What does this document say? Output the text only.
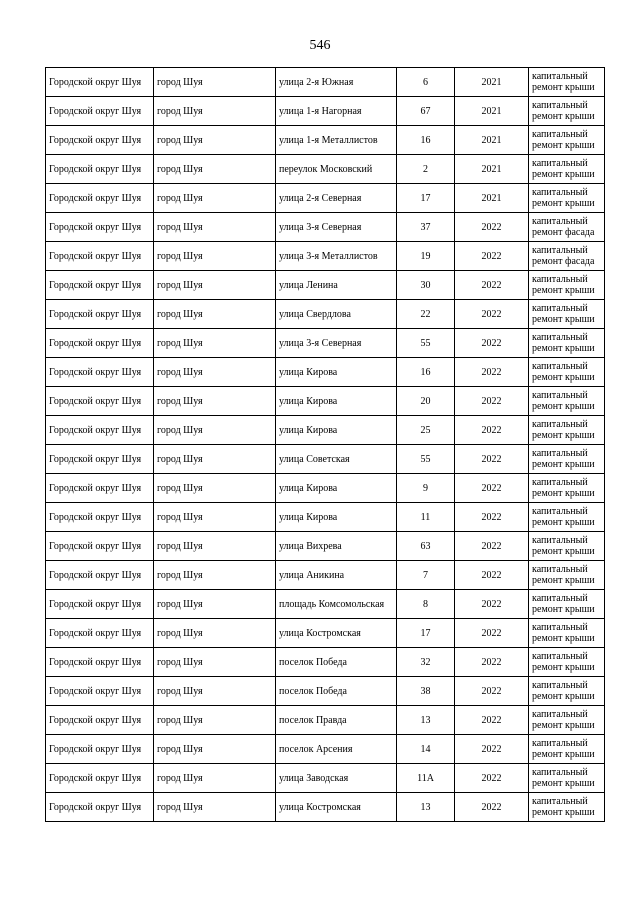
546
Городской округ Шуя	город Шуя	улица 2-я Южная	6	2021	капитальный ремонт крыши
Городской округ Шуя	город Шуя	улица 1-я Нагорная	67	2021	капитальный ремонт крыши
Городской округ Шуя	город Шуя	улица 1-я Металлистов	16	2021	капитальный ремонт крыши
Городской округ Шуя	город Шуя	переулок Московский	2	2021	капитальный ремонт крыши
Городской округ Шуя	город Шуя	улица 2-я Северная	17	2021	капитальный ремонт крыши
Городской округ Шуя	город Шуя	улица 3-я Северная	37	2022	капитальный ремонт фасада
Городской округ Шуя	город Шуя	улица 3-я Металлистов	19	2022	капитальный ремонт фасада
Городской округ Шуя	город Шуя	улица Ленина	30	2022	капитальный ремонт крыши
Городской округ Шуя	город Шуя	улица Свердлова	22	2022	капитальный ремонт крыши
Городской округ Шуя	город Шуя	улица 3-я Северная	55	2022	капитальный ремонт крыши
Городской округ Шуя	город Шуя	улица Кирова	16	2022	капитальный ремонт крыши
Городской округ Шуя	город Шуя	улица Кирова	20	2022	капитальный ремонт крыши
Городской округ Шуя	город Шуя	улица Кирова	25	2022	капитальный ремонт крыши
Городской округ Шуя	город Шуя	улица Советская	55	2022	капитальный ремонт крыши
Городской округ Шуя	город Шуя	улица Кирова	9	2022	капитальный ремонт крыши
Городской округ Шуя	город Шуя	улица Кирова	11	2022	капитальный ремонт крыши
Городской округ Шуя	город Шуя	улица Вихрева	63	2022	капитальный ремонт крыши
Городской округ Шуя	город Шуя	улица Аникина	7	2022	капитальный ремонт крыши
Городской округ Шуя	город Шуя	площадь Комсомольская	8	2022	капитальный ремонт крыши
Городской округ Шуя	город Шуя	улица Костромская	17	2022	капитальный ремонт крыши
Городской округ Шуя	город Шуя	поселок Победа	32	2022	капитальный ремонт крыши
Городской округ Шуя	город Шуя	поселок Победа	38	2022	капитальный ремонт крыши
Городской округ Шуя	город Шуя	поселок Правда	13	2022	капитальный ремонт крыши
Городской округ Шуя	город Шуя	поселок Арсения	14	2022	капитальный ремонт крыши
Городской округ Шуя	город Шуя	улица Заводская	11А	2022	капитальный ремонт крыши
Городской округ Шуя	город Шуя	улица Костромская	13	2022	капитальный ремонт крыши
